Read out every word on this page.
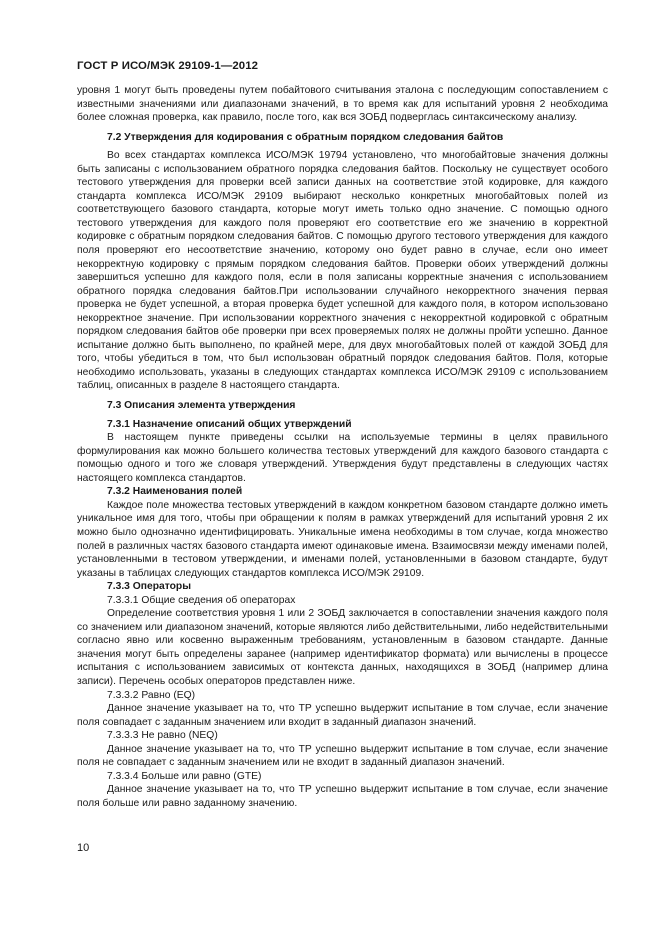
ГОСТ Р ИСО/МЭК 29109-1—2012

уровня 1 могут быть проведены путем побайтового считывания эталона с последующим сопоставлением с известными значениями или диапазонами значений, в то время как для испытаний уровня 2 необходима более сложная проверка, как правило, после того, как вся ЗОБД подверглась синтаксическому анализу.

7.2 Утверждения для кодирования с обратным порядком следования байтов

Во всех стандартах комплекса ИСО/МЭК 19794 установлено, что многобайтовые значения должны быть записаны с использованием обратного порядка следования байтов. Поскольку не существует особого тестового утверждения для проверки всей записи данных на соответствие этой кодировке, для каждого стандарта комплекса ИСО/МЭК 29109 выбирают несколько конкретных многобайтовых полей из соответствующего базового стандарта, которые могут иметь только одно значение. С помощью одного тестового утверждения для каждого поля проверяют его соответствие его же значению в корректной кодировке с обратным порядком следования байтов. С помощью другого тестового утверждения для каждого поля проверяют его несоответствие значению, которому оно будет равно в случае, если оно имеет некорректную кодировку с прямым порядком следования байтов. Проверки обоих утверждений должны завершиться успешно для каждого поля, если в поля записаны корректные значения с использованием обратного порядка следования байтов.При использовании случайного некорректного значения первая проверка не будет успешной, а вторая проверка будет успешной для каждого поля, в котором использовано некорректное значение. При использовании корректного значения с некорректной кодировкой с обратным порядком следования байтов обе проверки при всех проверяемых полях не должны пройти успешно. Данное испытание должно быть выполнено, по крайней мере, для двух многобайтовых полей от каждой ЗОБД для того, чтобы убедиться в том, что был использован обратный порядок следования байтов. Поля, которые необходимо использовать, указаны в следующих стандартах комплекса ИСО/МЭК 29109 с использованием таблиц, описанных в разделе 8 настоящего стандарта.

7.3 Описания элемента утверждения

7.3.1 Назначение описаний общих утверждений

В настоящем пункте приведены ссылки на используемые термины в целях правильного формулирования как можно большего количества тестовых утверждений для каждого базового стандарта с помощью одного и того же словаря утверждений. Утверждения будут представлены в следующих частях настоящего комплекса стандартов.

7.3.2 Наименования полей

Каждое поле множества тестовых утверждений в каждом конкретном базовом стандарте должно иметь уникальное имя для того, чтобы при обращении к полям в рамках утверждений для испытаний уровня 2 их можно было однозначно идентифицировать. Уникальные имена необходимы в том случае, когда множество полей в различных частях базового стандарта имеют одинаковые имена. Взаимосвязи между именами полей, установленными в тестовом утверждении, и именами полей, установленными в базовом стандарте, будут указаны в таблицах следующих стандартов комплекса ИСО/МЭК 29109.

7.3.3 Операторы

7.3.3.1 Общие сведения об операторах

Определение соответствия уровня 1 или 2 ЗОБД заключается в сопоставлении значения каждого поля со значением или диапазоном значений, которые являются либо действительными, либо недействительными согласно явно или косвенно выраженным требованиям, установленным в базовом стандарте. Данные значения могут быть определены заранее (например идентификатор формата) или вычислены в процессе испытания с использованием зависимых от контекста данных, находящихся в ЗОБД (например длина записи). Перечень особых операторов представлен ниже.

7.3.3.2 Равно (EQ)

Данное значение указывает на то, что ТР успешно выдержит испытание в том случае, если значение поля совпадает с заданным значением или входит в заданный диапазон значений.

7.3.3.3 Не равно (NEQ)

Данное значение указывает на то, что ТР успешно выдержит испытание в том случае, если значение поля не совпадает с заданным значением или не входит в заданный диапазон значений.

7.3.3.4 Больше или равно (GTE)

Данное значение указывает на то, что ТР успешно выдержит испытание в том случае, если значение поля больше или равно заданному значению.

10
